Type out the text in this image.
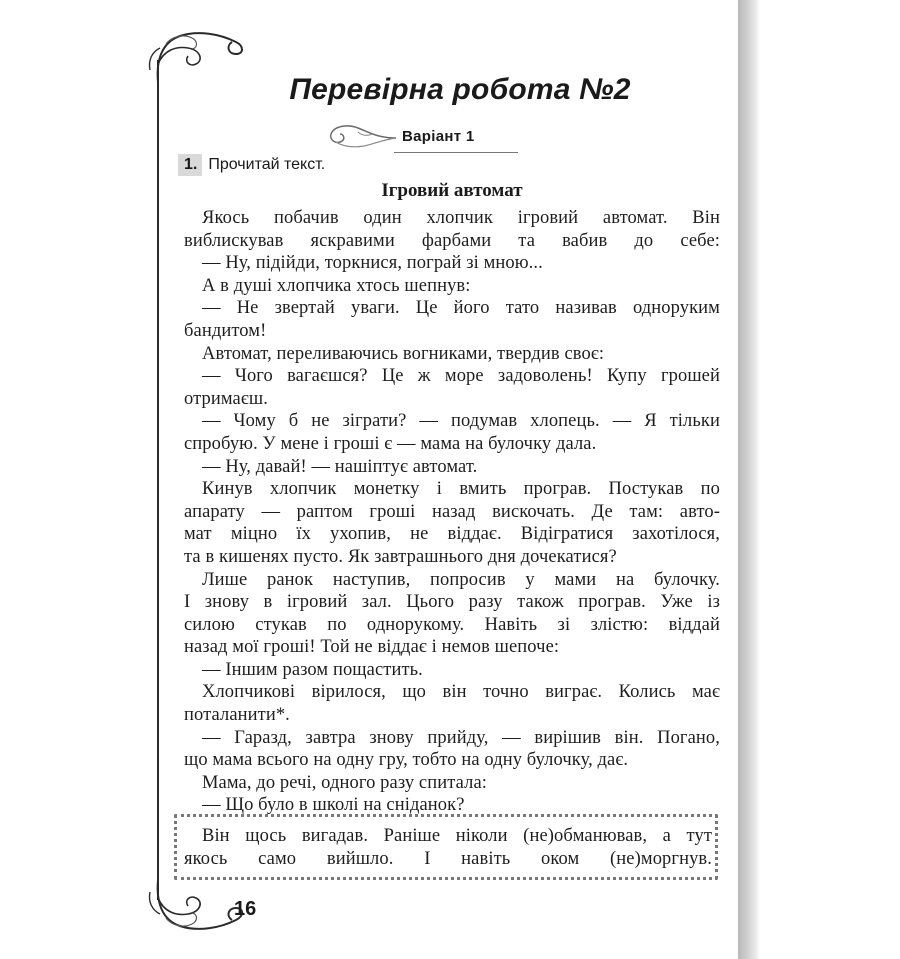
Перевірна робота №2
Варіант 1
1. Прочитай текст.
Ігровий автомат
Якось побачив один хлопчик ігровий автомат. Він
виблискував яскравими фарбами та вабив до себе:
— Ну, підійди, торкнися, пограй зі мною...
А в душі хлопчика хтось шепнув:
— Не звертай уваги. Це його тато називав одноруким
бандитом!
Автомат, переливаючись вогниками, твердив своє:
— Чого вагаєшся? Це ж море задоволень! Купу грошей
отримаєш.
— Чому б не зіграти? — подумав хлопець. — Я тільки
спробую. У мене і гроші є — мама на булочку дала.
— Ну, давай! — нашіптує автомат.
Кинув хлопчик монетку і вмить програв. Постукав по
апарату — раптом гроші назад вискочать. Де там: авто-
мат міцно їх ухопив, не віддає. Відігратися захотілося,
та в кишенях пусто. Як завтрашнього дня дочекатися?
Лише ранок наступив, попросив у мами на булочку.
І знову в ігровий зал. Цього разу також програв. Уже із
силою стукав по однорукому. Навіть зі злістю: віддай
назад мої гроші! Той не віддає і немов шепоче:
— Іншим разом пощастить.
Хлопчикові вірилося, що він точно виграє. Колись має
поталанити*.
— Гаразд, завтра знову прийду, — вирішив він. Погано,
що мама всього на одну гру, тобто на одну булочку, дає.
Мама, до речі, одного разу спитала:
— Що було в школі на сніданок?
Він щось вигадав. Раніше ніколи (не)обманював, а тут
якось само вийшло. І навіть оком (не)моргнув.
16
